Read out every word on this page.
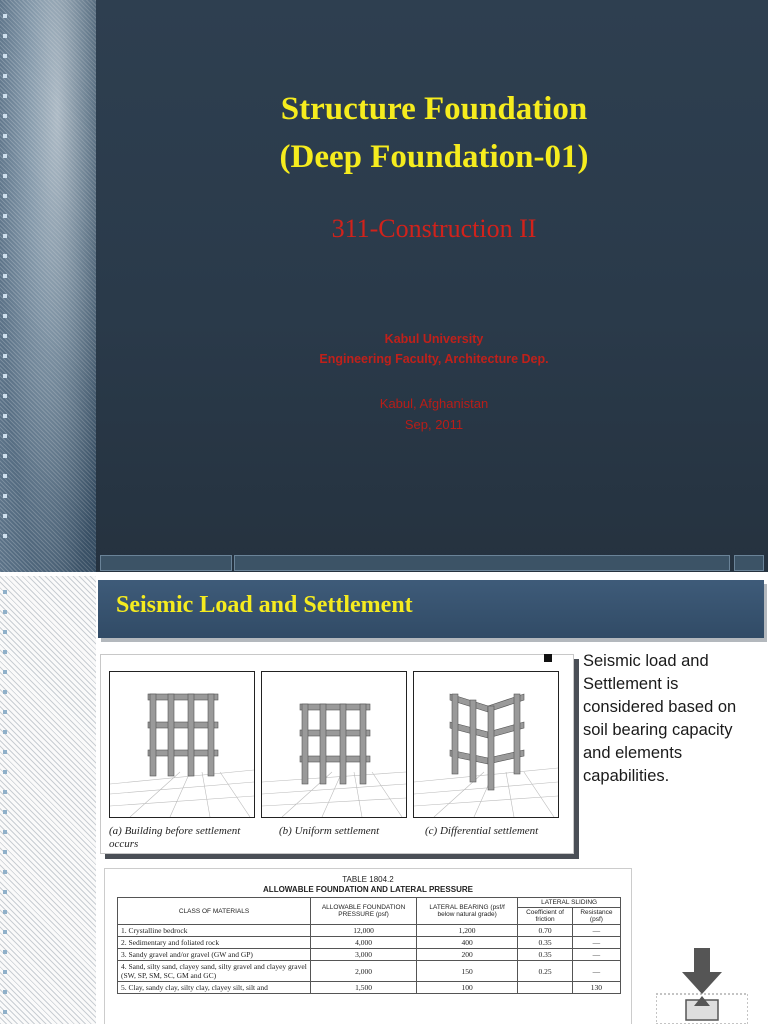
Structure Foundation
(Deep Foundation-01)
311-Construction II
Kabul University
Engineering Faculty, Architecture Dep.
Kabul, Afghanistan
Sep, 2011
Seismic Load and Settlement
(a) Building before settlement occurs
(b) Uniform settlement	(c) Differential settlement
Seismic load and Settlement is considered based on soil bearing capacity and elements capabilities.
TABLE 1804.2
ALLOWABLE FOUNDATION AND LATERAL PRESSURE
CLASS OF MATERIALS	ALLOWABLE FOUNDATION PRESSURE (psf)	LATERAL BEARING (psf/f below natural grade)	LATERAL SLIDING	
			Coefficient of friction	Resistance (psf)
1. Crystalline bedrock	12,000	1,200	0.70	—
2. Sedimentary and foliated rock	4,000	400	0.35	—
3. Sandy gravel and/or gravel (GW and GP)	3,000	200	0.35	—
4. Sand, silty sand, clayey sand, silty gravel and clayey gravel (SW, SP, SM, SC, GM and GC)	2,000	150	0.25	—
5. Clay, sandy clay, silty clay, clayey silt, silt and	1,500	100		130
